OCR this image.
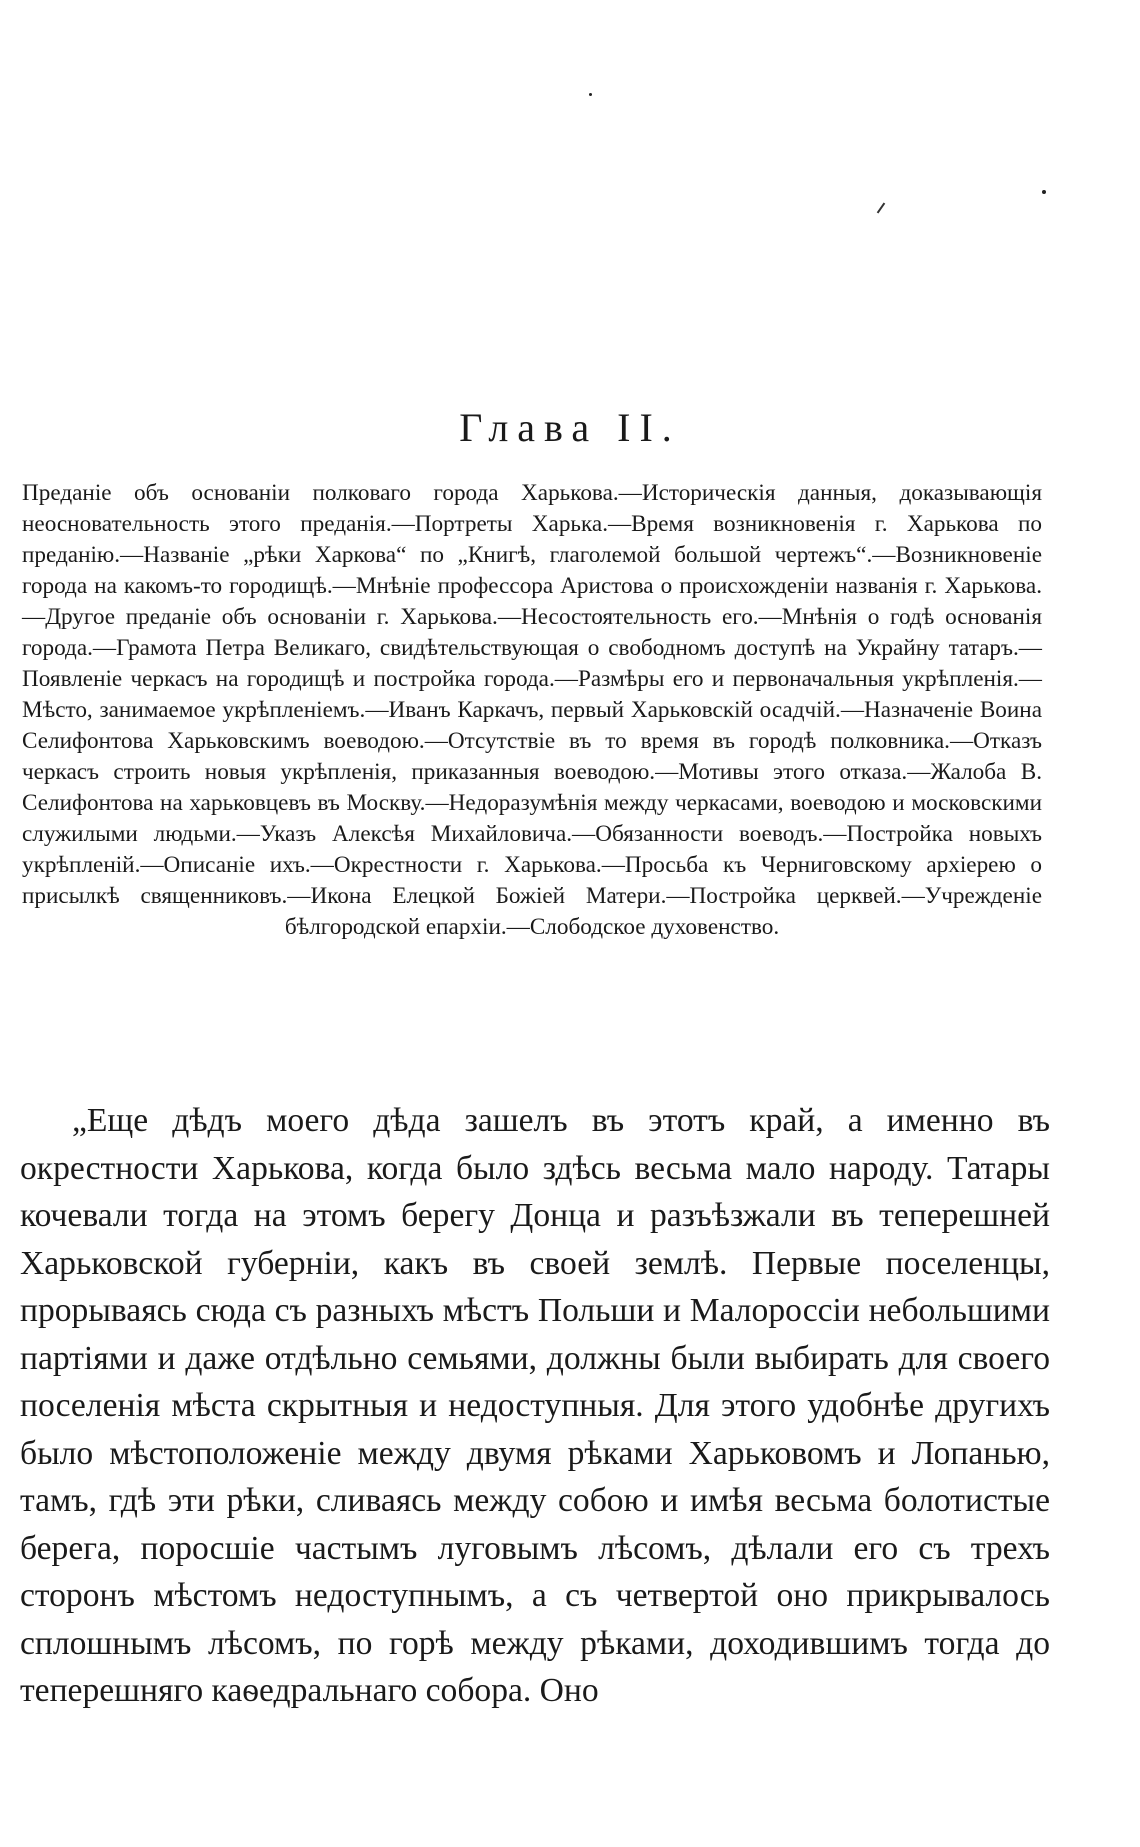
Глава II.

Преданіе объ основаніи полковаго города Харькова.—Историческія данныя, доказывающія неосновательность этого преданія.—Портреты Харька.—Время возникновенія г. Харькова по преданію.—Названіе „рѣки Харкова“ по „Книгѣ, глаголемой большой чертежъ“.—Возникновеніе города на какомъ-то городищѣ.—Мнѣніе профессора Аристова о происхожденіи названія г. Харькова.—Другое преданіе объ основаніи г. Харькова.—Несостоятельность его.—Мнѣнія о годѣ основанія города.—Грамота Петра Великаго, свидѣтельствующая о свободномъ доступѣ на Украйну татаръ.—Появленіе черкасъ на городищѣ и постройка города.—Размѣры его и первоначальныя укрѣпленія.—Мѣсто, занимаемое укрѣпленіемъ.—Иванъ Каркачъ, первый Харьковскій осадчій.—Назначеніе Воина Селифонтова Харьковскимъ воеводою.—Отсутствіе въ то время въ городѣ полковника.—Отказъ черкасъ строить новыя укрѣпленія, приказанныя воеводою.—Мотивы этого отказа.—Жалоба В. Селифонтова на харьковцевъ въ Москву.—Недоразумѣнія между черкасами, воеводою и московскими служилыми людьми.—Указъ Алексѣя Михайловича.—Обязанности воеводъ.—Постройка новыхъ укрѣпленій.—Описаніе ихъ.—Окрестности г. Харькова.—Просьба къ Черниговскому архіерею о присылкѣ священниковъ.—Икона Елецкой Божіей Матери.—Постройка церквей.—Учрежденіе бѣлгородской епархіи.—Слободское духовенство.

„Еще дѣдъ моего дѣда зашелъ въ этотъ край, а именно въ окрестности Харькова, когда было здѣсь весьма мало народу. Татары кочевали тогда на этомъ берегу Донца и разъѣзжали въ теперешней Харьковской губерніи, какъ въ своей землѣ. Первые поселенцы, прорываясь сюда съ разныхъ мѣстъ Польши и Малороссіи небольшими партіями и даже отдѣльно семьями, должны были выбирать для своего поселенія мѣста скрытныя и недоступныя. Для этого удобнѣе другихъ было мѣстоположеніе между двумя рѣками Харьковомъ и Лопанью, тамъ, гдѣ эти рѣки, сливаясь между собою и имѣя весьма болотистые берега, поросшіе частымъ луговымъ лѣсомъ, дѣлали его съ трехъ сторонъ мѣстомъ недоступнымъ, а съ четвертой оно прикрывалось сплошнымъ лѣсомъ, по горѣ между рѣками, доходившимъ тогда до теперешняго каѳедральнаго собора. Оно
